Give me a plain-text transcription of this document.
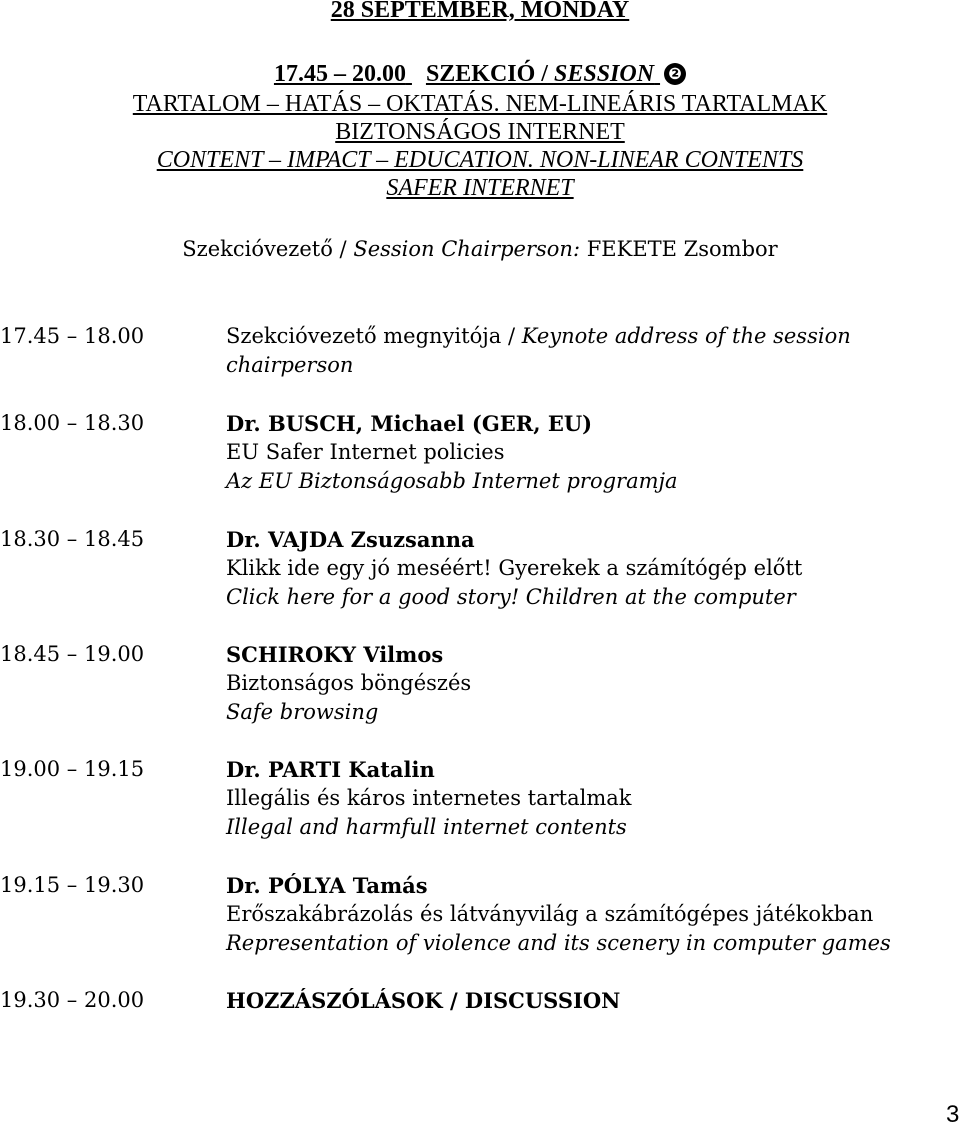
28 SEPTEMBER, MONDAY
17.45 – 20.00 SZEKCIÓ / SESSION ❷
TARTALOM – HATÁS – OKTATÁS. NEM-LINEÁRIS TARTALMAK
BIZTONSÁGOS INTERNET
CONTENT – IMPACT – EDUCATION. NON-LINEAR CONTENTS
SAFER INTERNET
Szekcióvezető / Session Chairperson: FEKETE Zsombor
17.45 – 18.00	Szekcióvezető megnyitója / Keynote address of the session
chairperson
18.00 – 18.30	Dr. BUSCH, Michael (GER, EU)
EU Safer Internet policies
Az EU Biztonságosabb Internet programja
18.30 – 18.45	Dr. VAJDA Zsuzsanna
Klikk ide egy jó meséért! Gyerekek a számítógép előtt
Click here for a good story! Children at the computer
18.45 – 19.00	SCHIROKY Vilmos
Biztonságos böngészés
Safe browsing
19.00 – 19.15	Dr. PARTI Katalin
Illegális és káros internetes tartalmak
Illegal and harmfull internet contents
19.15 – 19.30	Dr. PÓLYA Tamás
Erőszakábrázolás és látványvilág a számítógépes játékokban
Representation of violence and its scenery in computer games
19.30 – 20.00	HOZZÁSZÓLÁSOK / DISCUSSION
3
